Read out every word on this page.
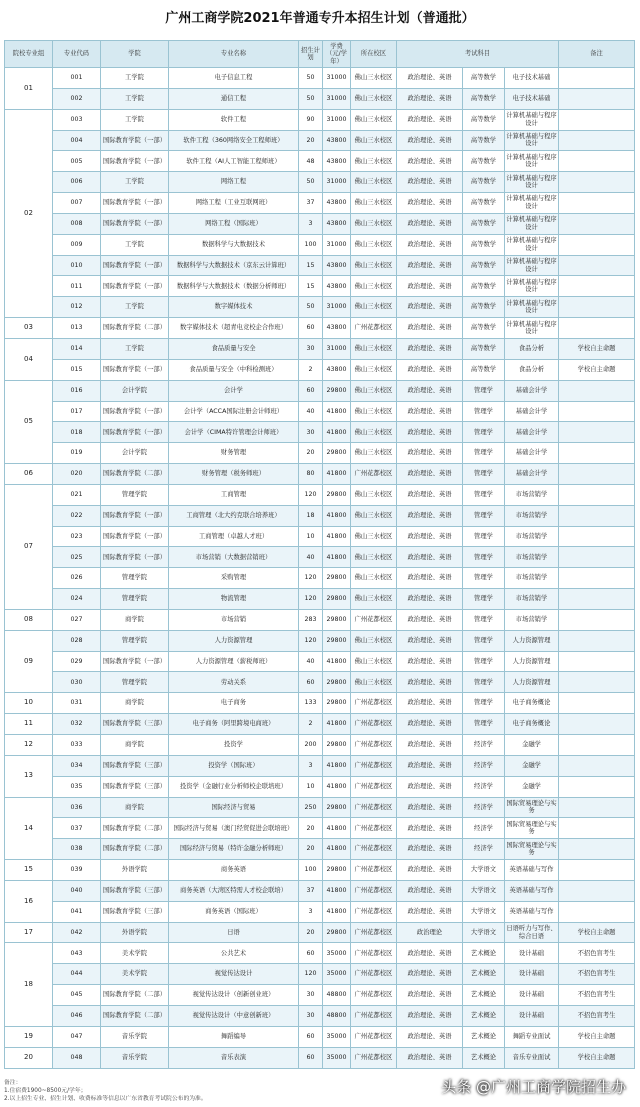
广州工商学院2021年普通专升本招生计划（普通批）
院校专业组	专业代码	学院	专业名称	招生计划	学费（元/学年）	所在校区	考试科目			备注
01	001	工学院	电子信息工程	50	31000	佛山三水校区	政治理论、英语	高等数学	电子技术基础	
	002	工学院	通信工程	50	31000	佛山三水校区	政治理论、英语	高等数学	电子技术基础	
02	003	工学院	软件工程	90	31000	佛山三水校区	政治理论、英语	高等数学	计算机基础与程序设计	
	004	国际教育学院（一部）	软件工程（360网络安全工程师班）	20	43800	佛山三水校区	政治理论、英语	高等数学	计算机基础与程序设计	
	005	国际教育学院（一部）	软件工程（AI人工智能工程师班）	48	43800	佛山三水校区	政治理论、英语	高等数学	计算机基础与程序设计	
	006	工学院	网络工程	50	31000	佛山三水校区	政治理论、英语	高等数学	计算机基础与程序设计	
	007	国际教育学院（一部）	网络工程（工业互联网班）	37	43800	佛山三水校区	政治理论、英语	高等数学	计算机基础与程序设计	
	008	国际教育学院（一部）	网络工程（国际班）	3	43800	佛山三水校区	政治理论、英语	高等数学	计算机基础与程序设计	
	009	工学院	数据科学与大数据技术	100	31000	佛山三水校区	政治理论、英语	高等数学	计算机基础与程序设计	
	010	国际教育学院（一部）	数据科学与大数据技术（京东云计算班）	15	43800	佛山三水校区	政治理论、英语	高等数学	计算机基础与程序设计	
	011	国际教育学院（一部）	数据科学与大数据技术（数据分析师班）	15	43800	佛山三水校区	政治理论、英语	高等数学	计算机基础与程序设计	
	012	工学院	数字媒体技术	50	31000	佛山三水校区	政治理论、英语	高等数学	计算机基础与程序设计	
03	013	国际教育学院（二部）	数字媒体技术（超青电竞校企合作班）	60	43800	广州花都校区	政治理论、英语	高等数学	计算机基础与程序设计	
04	014	工学院	食品质量与安全	30	31000	佛山三水校区	政治理论、英语	高等数学	食品分析	学校自主命题
	015	国际教育学院（一部）	食品质量与安全（中科检测班）	2	43800	佛山三水校区	政治理论、英语	高等数学	食品分析	学校自主命题
05	016	会计学院	会计学	60	29800	佛山三水校区	政治理论、英语	管理学	基础会计学	
	017	国际教育学院（一部）	会计学（ACCA国际注册会计师班）	40	41800	佛山三水校区	政治理论、英语	管理学	基础会计学	
	018	国际教育学院（一部）	会计学（CIMA特许管理会计师班）	30	41800	佛山三水校区	政治理论、英语	管理学	基础会计学	
	019	会计学院	财务管理	20	29800	佛山三水校区	政治理论、英语	管理学	基础会计学	
06	020	国际教育学院（二部）	财务管理（税务师班）	80	41800	广州花都校区	政治理论、英语	管理学	基础会计学	
07	021	管理学院	工商管理	120	29800	佛山三水校区	政治理论、英语	管理学	市场营销学	
	022	国际教育学院（一部）	工商管理（北大约克联合培养班）	18	41800	佛山三水校区	政治理论、英语	管理学	市场营销学	
	023	国际教育学院（一部）	工商管理（卓越人才班）	10	41800	佛山三水校区	政治理论、英语	管理学	市场营销学	
	025	国际教育学院（一部）	市场营销（大数据营销班）	40	41800	佛山三水校区	政治理论、英语	管理学	市场营销学	
	026	管理学院	采购管理	120	29800	佛山三水校区	政治理论、英语	管理学	市场营销学	
	024	管理学院	物流管理	120	29800	佛山三水校区	政治理论、英语	管理学	市场营销学	
08	027	商学院	市场营销	283	29800	广州花都校区	政治理论、英语	管理学	市场营销学	
09	028	管理学院	人力资源管理	120	29800	佛山三水校区	政治理论、英语	管理学	人力资源管理	
	029	国际教育学院（一部）	人力资源管理（薪税师班）	40	41800	佛山三水校区	政治理论、英语	管理学	人力资源管理	
	030	管理学院	劳动关系	60	29800	佛山三水校区	政治理论、英语	管理学	人力资源管理	
10	031	商学院	电子商务	133	29800	广州花都校区	政治理论、英语	管理学	电子商务概论	
11	032	国际教育学院（三部）	电子商务（阿里跨境电商班）	2	41800	广州花都校区	政治理论、英语	管理学	电子商务概论	
12	033	商学院	投资学	200	29800	广州花都校区	政治理论、英语	经济学	金融学	
13	034	国际教育学院（三部）	投资学（国际班）	3	41800	广州花都校区	政治理论、英语	经济学	金融学	
	035	国际教育学院（三部）	投资学（金融行业分析师校企联培班）	10	41800	广州花都校区	政治理论、英语	经济学	金融学	
14	036	商学院	国际经济与贸易	250	29800	广州花都校区	政治理论、英语	经济学	国际贸易理论与实务	
	037	国际教育学院（二部）	国际经济与贸易（澳门经贸促进会联培班）	20	41800	广州花都校区	政治理论、英语	经济学	国际贸易理论与实务	
	038	国际教育学院（二部）	国际经济与贸易（特许金融分析师班）	20	41800	广州花都校区	政治理论、英语	经济学	国际贸易理论与实务	
15	039	外语学院	商务英语	100	29800	广州花都校区	政治理论、英语	大学语文	英语基础与写作	
16	040	国际教育学院（三部）	商务英语（大湾区特需人才校企联培）	37	41800	广州花都校区	政治理论、英语	大学语文	英语基础与写作	
	041	国际教育学院（三部）	商务英语（国际班）	3	41800	广州花都校区	政治理论、英语	大学语文	英语基础与写作	
17	042	外语学院	日语	20	29800	广州花都校区	政治理论	大学语文	日语听力与写作、综合日语	学校自主命题
18	043	美术学院	公共艺术	60	35000	广州花都校区	政治理论、英语	艺术概论	设计基础	不招色盲考生
	044	美术学院	视觉传达设计	120	35000	广州花都校区	政治理论、英语	艺术概论	设计基础	不招色盲考生
	045	国际教育学院（二部）	视觉传达设计（创新创业班）	30	48800	广州花都校区	政治理论、英语	艺术概论	设计基础	不招色盲考生
	046	国际教育学院（二部）	视觉传达设计（中意创新班）	30	48800	广州花都校区	政治理论、英语	艺术概论	设计基础	不招色盲考生
19	047	音乐学院	舞蹈编导	60	35000	广州花都校区	政治理论、英语	艺术概论	舞蹈专业面试	学校自主命题
20	048	音乐学院	音乐表演	60	35000	广州花都校区	政治理论、英语	艺术概论	音乐专业面试	学校自主命题
备注：
1.住宿费1900~8500元/学年；
2.以上招生专业、招生计划、收费标准等信息以广东省教育考试院公布的为准。
头条 @广州工商学院招生办
